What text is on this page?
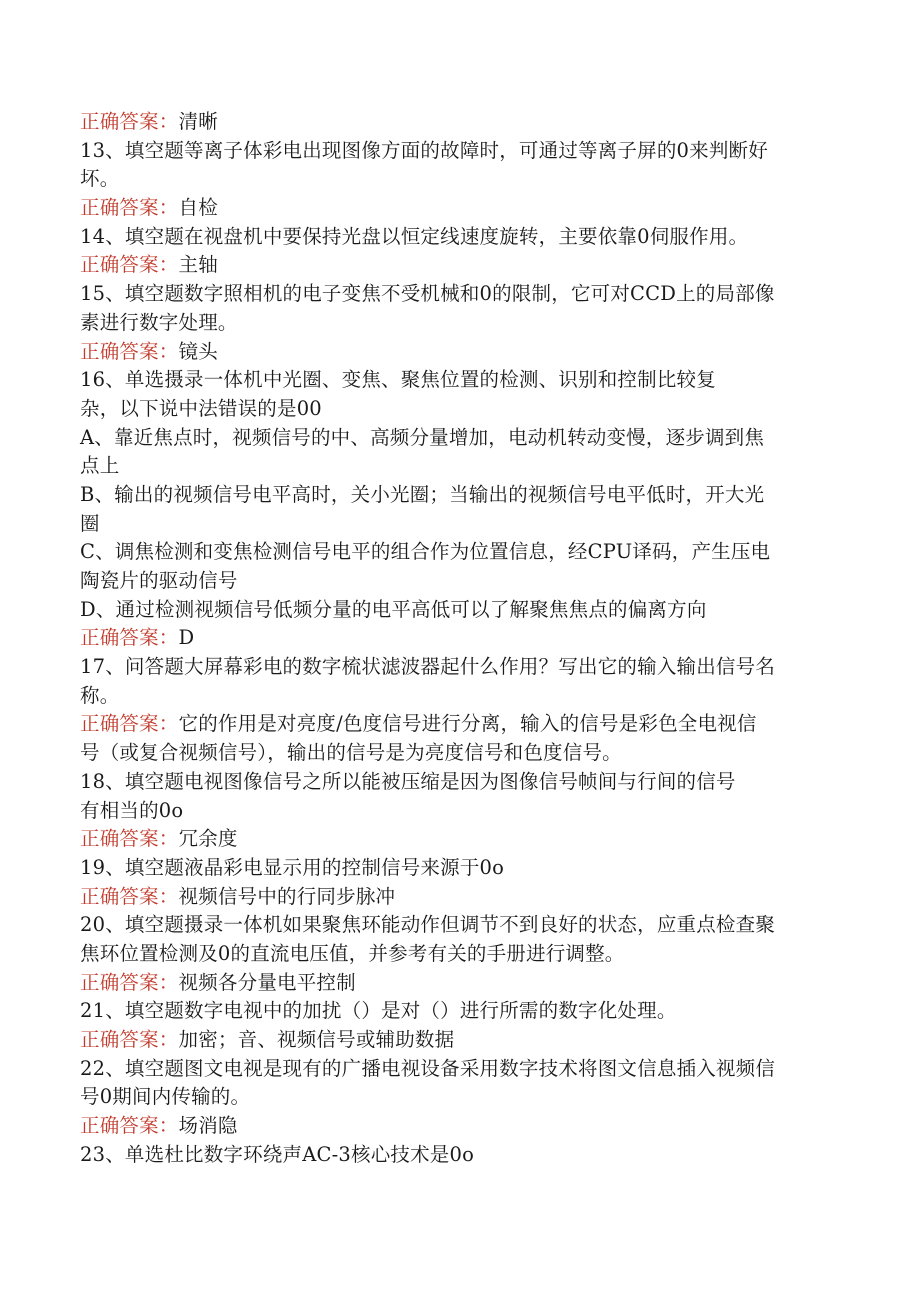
正确答案：清晰
13、填空题等离子体彩电出现图像方面的故障时，可通过等离子屏的0来判断好
坏。
正确答案：自检
14、填空题在视盘机中要保持光盘以恒定线速度旋转，主要依靠0伺服作用。
正确答案：主轴
15、填空题数字照相机的电子变焦不受机械和0的限制，它可对CCD上的局部像
素进行数字处理。
正确答案：镜头
16、单选摄录一体机中光圈、变焦、聚焦位置的检测、识别和控制比较复
杂，以下说中法错误的是00
A、靠近焦点时，视频信号的中、高频分量增加，电动机转动变慢，逐步调到焦
点上
B、输出的视频信号电平高时，关小光圈；当输出的视频信号电平低时，开大光
圈
C、调焦检测和变焦检测信号电平的组合作为位置信息，经CPU译码，产生压电
陶瓷片的驱动信号
D、通过检测视频信号低频分量的电平高低可以了解聚焦焦点的偏离方向
正确答案：D
17、问答题大屏幕彩电的数字梳状滤波器起什么作用？写出它的输入输出信号名
称。
正确答案：它的作用是对亮度/色度信号进行分离，输入的信号是彩色全电视信
号（或复合视频信号），输出的信号是为亮度信号和色度信号。
18、填空题电视图像信号之所以能被压缩是因为图像信号帧间与行间的信号
有相当的0o
正确答案：冗余度
19、填空题液晶彩电显示用的控制信号来源于0o
正确答案：视频信号中的行同步脉冲
20、填空题摄录一体机如果聚焦环能动作但调节不到良好的状态，应重点检查聚
焦环位置检测及0的直流电压值，并参考有关的手册进行调整。
正确答案：视频各分量电平控制
21、填空题数字电视中的加扰（）是对（）进行所需的数字化处理。
正确答案：加密；音、视频信号或辅助数据
22、填空题图文电视是现有的广播电视设备采用数字技术将图文信息插入视频信
号0期间内传输的。
正确答案：场消隐
23、单选杜比数字环绕声AC-3核心技术是0o
